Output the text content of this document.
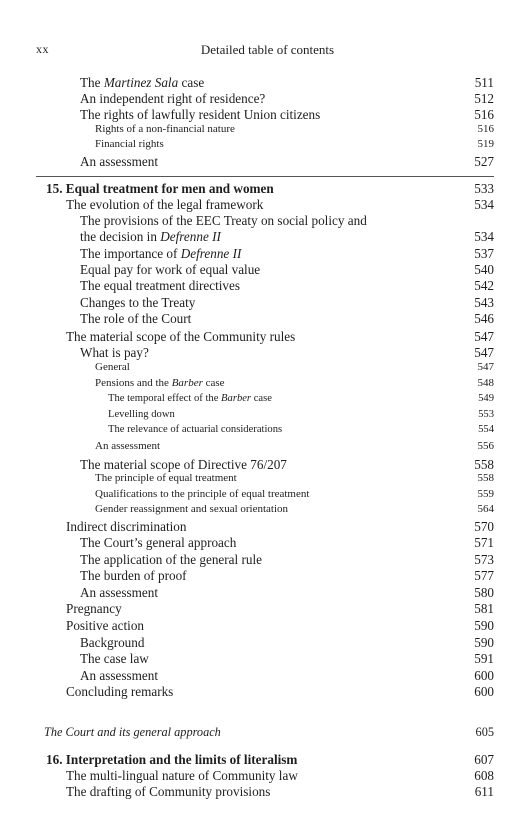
xx	Detailed table of contents
The Martinez Sala case	511
An independent right of residence?	512
The rights of lawfully resident Union citizens	516
Rights of a non-financial nature	516
Financial rights	519
An assessment	527
15. Equal treatment for men and women	533
The evolution of the legal framework	534
The provisions of the EEC Treaty on social policy and
the decision in Defrenne II	534
The importance of Defrenne II	537
Equal pay for work of equal value	540
The equal treatment directives	542
Changes to the Treaty	543
The role of the Court	546
The material scope of the Community rules	547
What is pay?	547
General	547
Pensions and the Barber case	548
The temporal effect of the Barber case	549
Levelling down	553
The relevance of actuarial considerations	554
An assessment	556
The material scope of Directive 76/207	558
The principle of equal treatment	558
Qualifications to the principle of equal treatment	559
Gender reassignment and sexual orientation	564
Indirect discrimination	570
The Court’s general approach	571
The application of the general rule	573
The burden of proof	577
An assessment	580
Pregnancy	581
Positive action	590
Background	590
The case law	591
An assessment	600
Concluding remarks	600
The Court and its general approach	605
16. Interpretation and the limits of literalism	607
The multi-lingual nature of Community law	608
The drafting of Community provisions	611
